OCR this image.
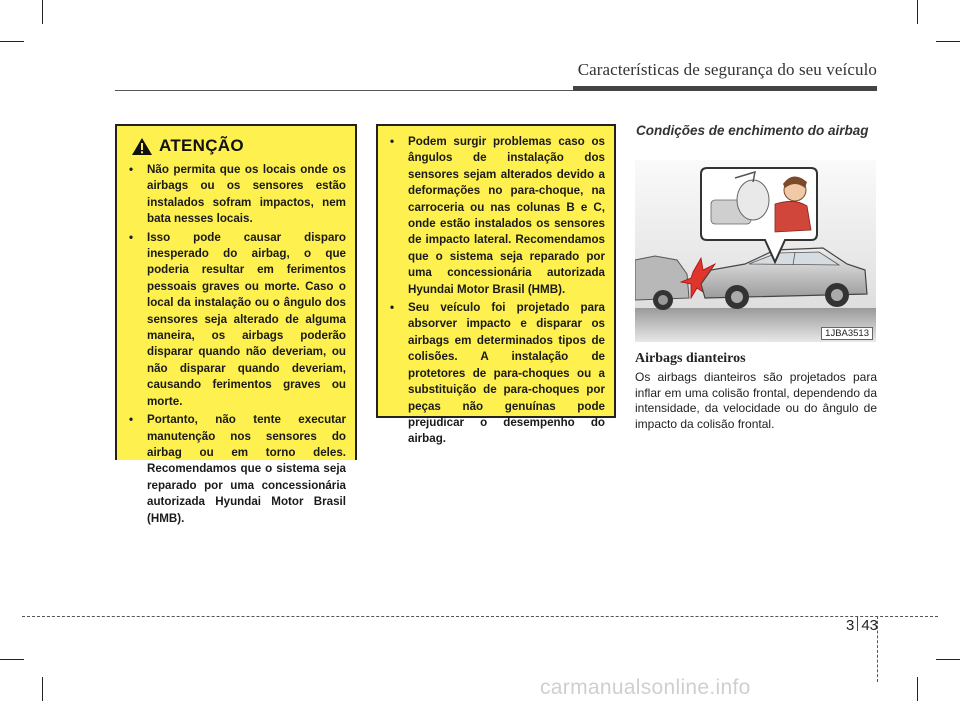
Características de segurança do seu veículo
ATENÇÃO
• Não permita que os locais onde os airbags ou os sensores estão instalados sofram impactos, nem bata nesses locais.
• Isso pode causar disparo inesperado do airbag, o que poderia resultar em ferimentos pessoais graves ou morte. Caso o local da instalação ou o ângulo dos sensores seja alterado de alguma maneira, os airbags poderão disparar quando não deveriam, ou não disparar quando deveriam, causando ferimentos graves ou morte.
• Portanto, não tente executar manutenção nos sensores do airbag ou em torno deles. Recomendamos que o sistema seja reparado por uma concessionária autorizada Hyundai Motor Brasil (HMB).
• Podem surgir problemas caso os ângulos de instalação dos sensores sejam alterados devido a deformações no para-choque, na carroceria ou nas colunas B e C, onde estão instalados os sensores de impacto lateral. Recomendamos que o sistema seja reparado por uma concessionária autorizada Hyundai Motor Brasil (HMB).
• Seu veículo foi projetado para absorver impacto e disparar os airbags em determinados tipos de colisões. A instalação de protetores de para-choques ou a substituição de para-choques por peças não genuínas pode prejudicar o desempenho do airbag.
Condições de enchimento do airbag
1JBA3513
Airbags dianteiros
Os airbags dianteiros são projetados para inflar em uma colisão frontal, dependendo da intensidade, da velocidade ou do ângulo de impacto da colisão frontal.
3 43
carmanualsonline.info
